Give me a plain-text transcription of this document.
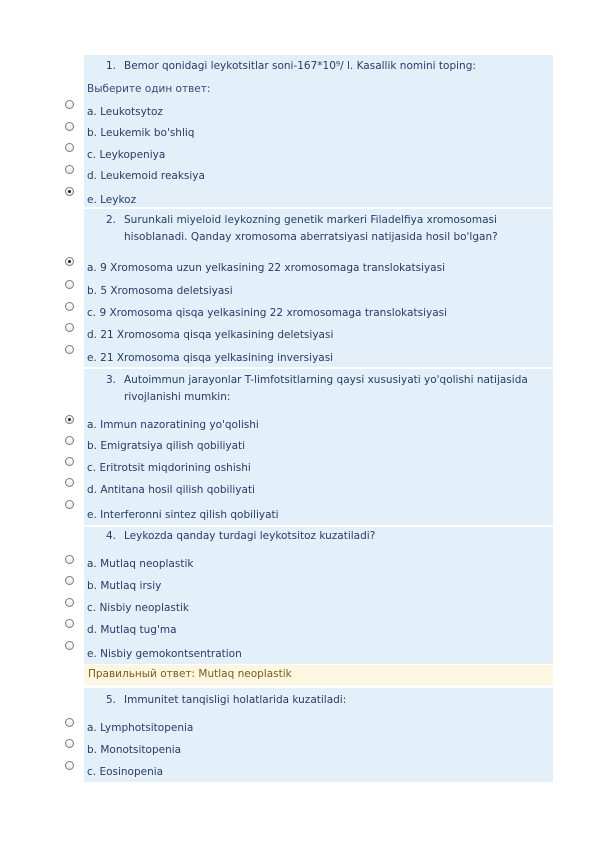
Правильный ответ: Mutlaq neoplastik
1. Bemor qonidagi leykotsitlar soni-167*10⁹/ l. Kasallik nomini toping:
Выберите один ответ:
a. Leukotsytoz
b. Leukemik bo'shliq
c. Leykopeniya
d. Leukemoid reaksiya
e. Leykoz
2. Surunkali miyeloid leykozning genetik markeri Filadelfiya xromosomasi
hisoblanadi. Qanday xromosoma aberratsiyasi natijasida hosil bo'lgan?
a. 9 Xromosoma uzun yelkasining 22 xromosomaga translokatsiyasi
b. 5 Xromosoma deletsiyasi
c. 9 Xromosoma qisqa yelkasining 22 xromosomaga translokatsiyasi
d. 21 Xromosoma qisqa yelkasining deletsiyasi
e. 21 Xromosoma qisqa yelkasining inversiyasi
3. Autoimmun jarayonlar T-limfotsitlarning qaysi xususiyati yo'qolishi natijasida
rivojlanishi mumkin:
a. Immun nazoratining yo'qolishi
b. Emigratsiya qilish qobiliyati
c. Eritrotsit miqdorining oshishi
d. Antitana hosil qilish qobiliyati
e. Interferonni sintez qilish qobiliyati
4. Leykozda qanday turdagi leykotsitoz kuzatiladi?
a. Mutlaq neoplastik
b. Mutlaq irsiy
c. Nisbiy neoplastik
d. Mutlaq tug'ma
e. Nisbiy gemokontsentration
5. Immunitet tanqisligi holatlarida kuzatiladi:
a. Lymphotsitopenia
b. Monotsitopenia
c. Eosinopenia
